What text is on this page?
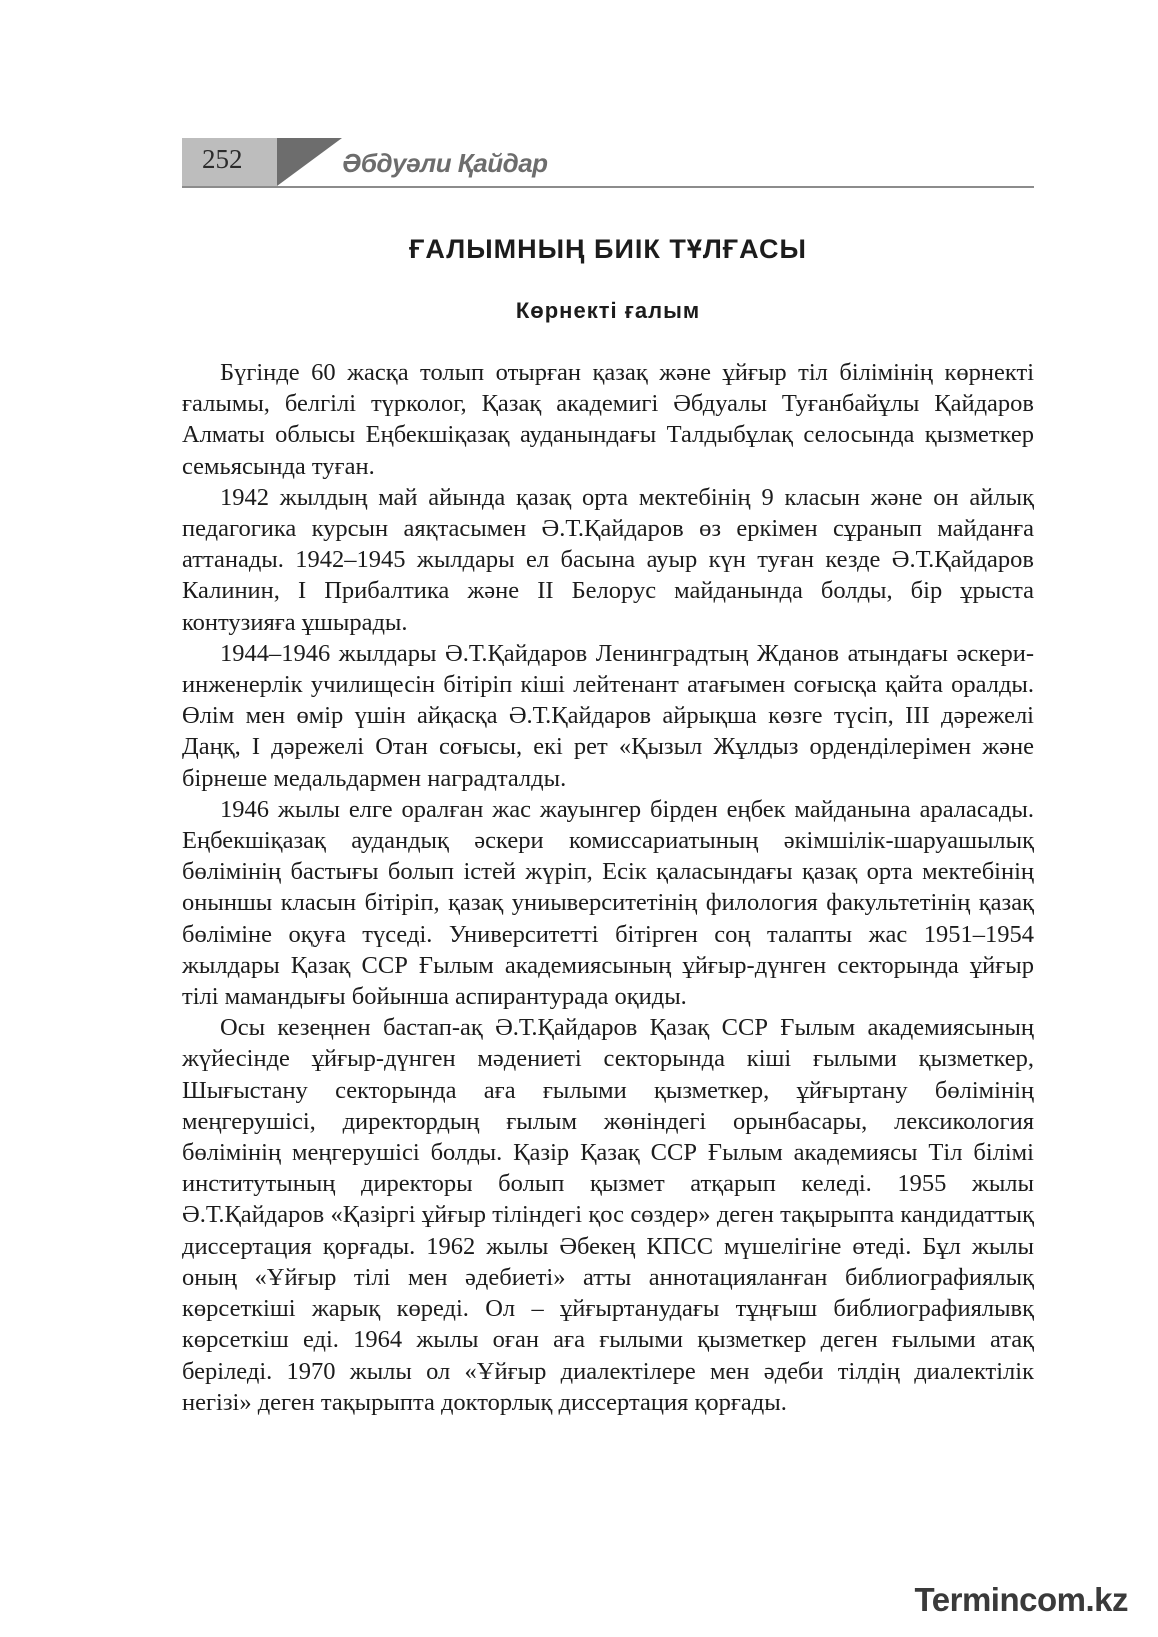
252	Әбдуәли Қайдар
ҒАЛЫМНЫҢ БИІК ТҰЛҒАСЫ
Көрнекті ғалым

Бүгінде 60 жасқа толып отырған қазақ және ұйғыр тіл білімінің көрнекті ғалымы, белгілі түрколог, Қазақ академигі Әбдуалы Туғанбайұлы Қайдаров Алматы облысы Еңбекшіқазақ ауданындағы Талдыбұлақ селосында қызметкер семьясында туған.

1942 жылдың май айында қазақ орта мектебінің 9 класын және он айлық педагогика курсын аяқтасымен Ә.Т.Қайдаров өз еркімен сұранып майданға аттанады. 1942–1945 жылдары ел басына ауыр күн туған кезде Ә.Т.Қайдаров Калинин, І Прибалтика және ІІ Белорус майданында болды, бір ұрыста контузияға ұшырады.

1944–1946 жылдары Ә.Т.Қайдаров Ленинградтың Жданов атындағы әскери-инженерлік училищесін бітіріп кіші лейтенант атағымен соғысқа қайта оралды. Өлім мен өмір үшін айқасқа Ә.Т.Қайдаров айрықша көзге түсіп, ІІІ дәрежелі Даңқ, І дәрежелі Отан соғысы, екі рет «Қызыл Жұлдыз орденділерімен және бірнеше медальдармен наградталды.

1946 жылы елге оралған жас жауынгер бірден еңбек майданына араласады. Еңбекшіқазақ аудандық әскери комиссариатының әкімшілік-шаруашылық бөлімінің бастығы болып істей жүріп, Есік қаласындағы қазақ орта мектебінің оныншы класын бітіріп, қазақ униыверситетінің филология факультетінің қазақ бөліміне оқуға түседі. Университетті бітірген соң талапты жас 1951–1954 жылдары Қазақ ССР Ғылым академиясының ұйғыр-дүнген секторында ұйғыр тілі мамандығы бойынша аспирантурада оқиды.

Осы кезеңнен бастап-ақ Ә.Т.Қайдаров Қазақ ССР Ғылым академиясының жүйесінде ұйғыр-дүнген мәдениеті секторында кіші ғылыми қызметкер, Шығыстану секторында аға ғылыми қызметкер, ұйғыртану бөлімінің меңгерушісі, директордың ғылым жөніндегі орынбасары, лексикология бөлімінің меңгерушісі болды. Қазір Қазақ ССР Ғылым академиясы Тіл білімі институтының директоры болып қызмет атқарып келеді. 1955 жылы Ә.Т.Қайдаров «Қазіргі ұйғыр тіліндегі қос сөздер» деген тақырыпта кандидаттық диссертация қорғады. 1962 жылы Әбекең КПСС мүшелігіне өтеді. Бұл жылы оның «Ұйғыр тілі мен әдебиеті» атты аннотацияланған библиографиялық көрсеткіші жарық көреді. Ол – ұйғыртанудағы тұңғыш библиографиялывқ көрсеткіш еді. 1964 жылы оған аға ғылыми қызметкер деген ғылыми атақ беріледі. 1970 жылы ол «Ұйғыр диалектілере мен әдеби тілдің диалектілік негізі» деген тақырыпта докторлық диссертация қорғады.

Termincom.kz
